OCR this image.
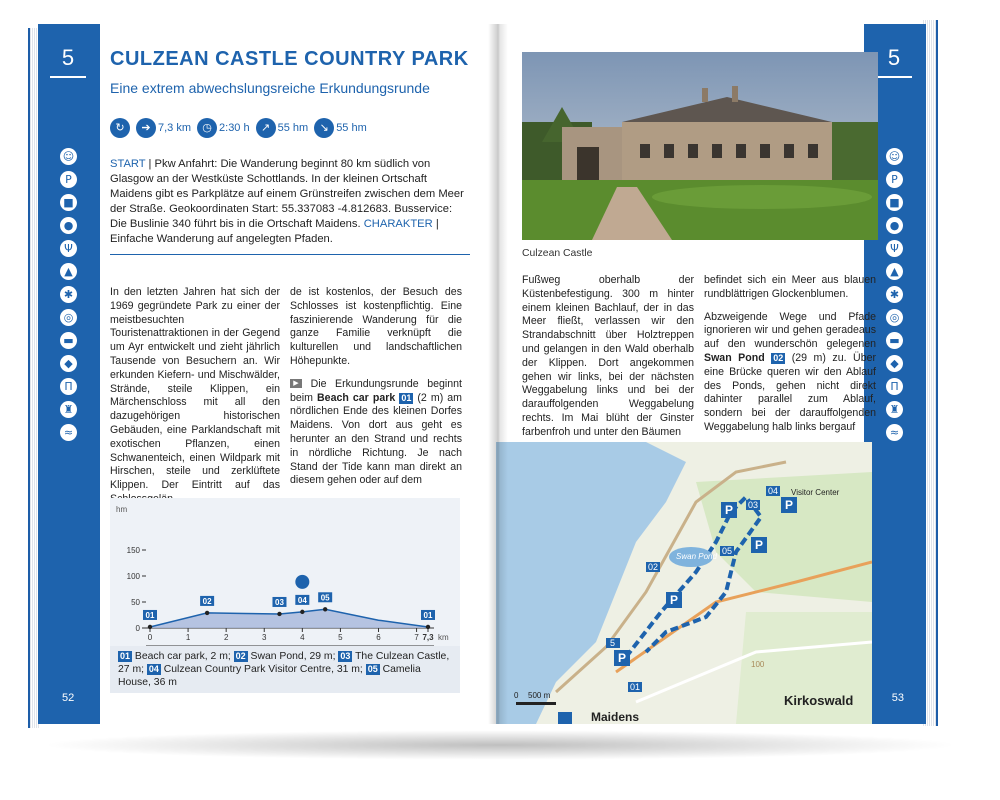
5
☺
P
■
●
Ψ
▲
✱
◎
▬
◆
Π
♜
≈
52
CULZEAN CASTLE COUNTRY PARK
Eine extrem abwechslungsreiche Erkundungsrunde
↻	➔ 7,3 km	◷ 2:30 h	↗ 55 hm	↘ 55 hm
START | Pkw Anfahrt: Die Wanderung beginnt 80 km südlich von Glasgow an der Westküste Schottlands. In der kleinen Ortschaft Maidens gibt es Parkplätze auf einem Grünstreifen zwischen dem Meer der Straße. Geokoordinaten Start: 55.337083 -4.812683. Busservice: Die Buslinie 340 führt bis in die Ortschaft Maidens. CHARAKTER | Einfache Wanderung auf angelegten Pfaden.

In den letzten Jahren hat sich der 1969 gegründete Park zu einer der meistbesuchten Touristenattraktionen in der Gegend um Ayr entwickelt und zieht jährlich Tausende von Besuchern an. Wir erkunden Kiefern- und Mischwälder, Strände, steile Klippen, ein Märchenschloss mit all den dazugehörigen historischen Gebäuden, eine Parklandschaft mit exotischen Pflanzen, einen Schwanenteich, einen Wildpark mit Hirschen, steile und zerklüftete Klippen. Der Eintritt auf das

de ist kostenlos, der Besuch des Schlosses ist kostenpflichtig. Eine faszinierende Wanderung für die ganze Familie verknüpft die kulturellen und landschaftlichen Höhepunkte.

▶ Die Erkundungsrunde beginnt beim Beach car park 01 (2 m) am nördlichen Ende des kleinen Dorfes Maidens. Von dort aus geht es herunter an den Strand und rechts in nördliche Richtung. Je nach Stand der Tide kann man direkt an diesem gehen oder auf dem

hm
0
50
100
150
0	1	2	3	4	5	6	7 7,3 km
01
02	03 04 05
01
01 Beach car park, 2 m; 02 Swan Pond, 29 m; 03 The Culzean Castle, 27 m; 04 Culzean Country Park Visitor Centre, 31 m; 05 Camelia House, 36 m
5
☺
P
■
●
Ψ
▲
✱
◎
▬
◆
Π
♜
≈
53
Culzean Castle

Fußweg oberhalb der Küstenbefestigung. 300 m hinter einem kleinen Bachlauf, der in das Meer fließt, verlassen wir den Strandabschnitt über Holztreppen und gelangen in den Wald oberhalb der Klippen. Dort angekommen gehen wir links, bei der nächsten Weggabelung links und bei der darauffolgenden Weggabelung rechts. Im Mai blüht der Ginster farbenfroh und unter den Bäumen

befindet sich ein Meer aus blauen rundblättrigen Glockenblumen.

Abzweigende Wege und Pfade ignorieren wir und gehen geradeaus auf den wunderschön gelegenen Swan Pond 02 (29 m) zu. Über eine Brücke queren wir den Ablauf des Ponds, gehen nicht direkt dahinter parallel zum Ablauf, sondern bei der darauffolgenden Weggabelung halb links bergauf

P
P	P
P
P
01
02
03
04
05
Kirkoswald
Maidens
Visitor Center
Swan Pond
100
500 m
0
5
